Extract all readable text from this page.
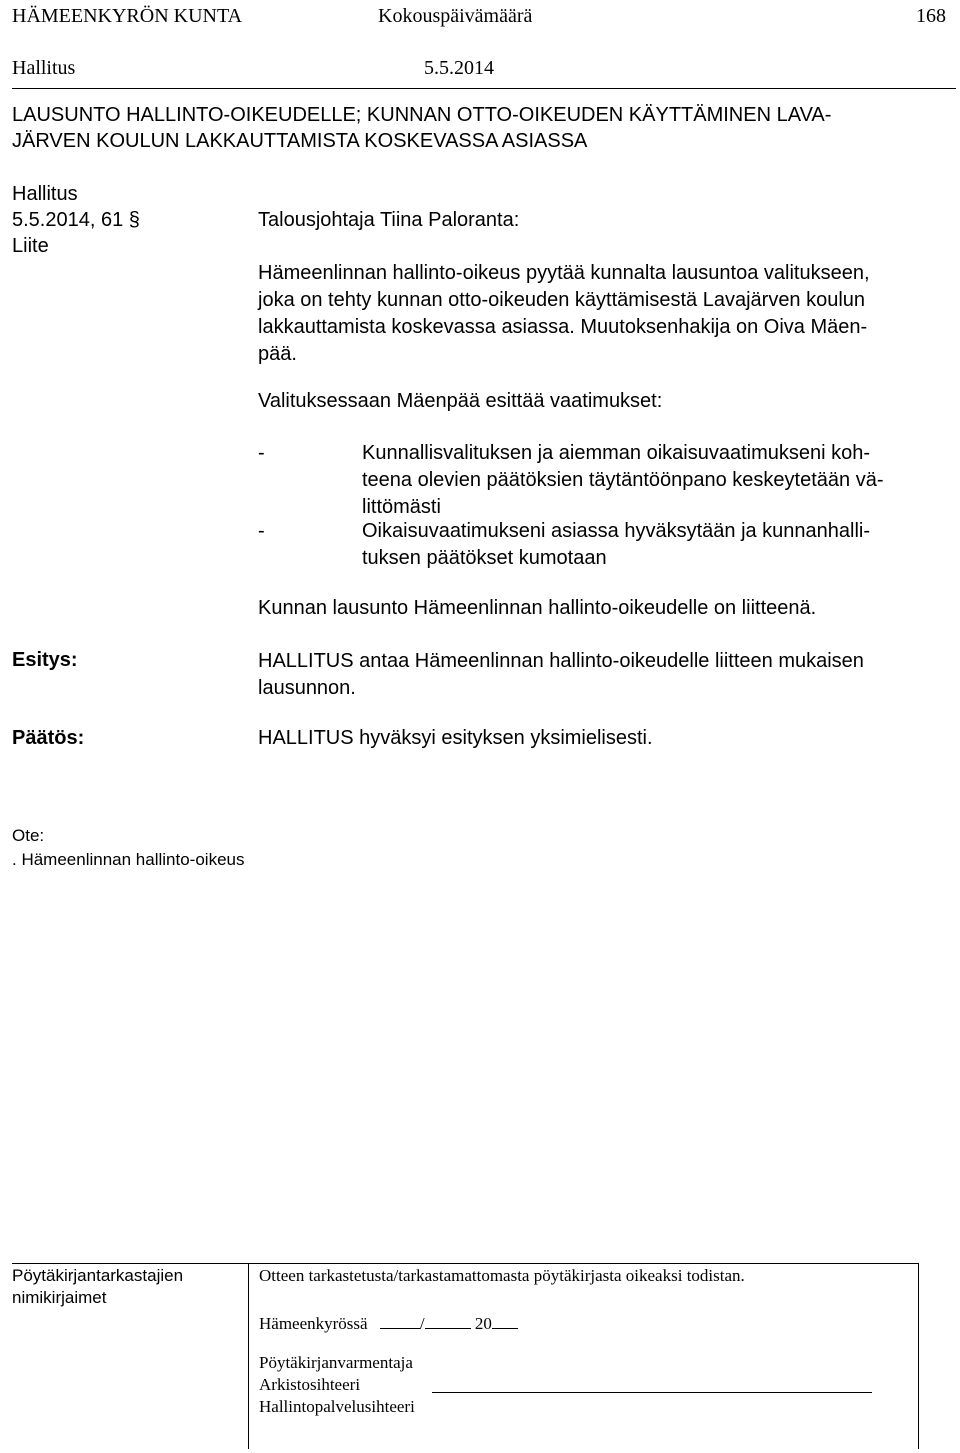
HÄMEENKYRÖN KUNTA	Kokouspäivämäärä	168
Hallitus	5.5.2014
LAUSUNTO HALLINTO-OIKEUDELLE; KUNNAN OTTO-OIKEUDEN KÄYTTÄMINEN LAVA-
JÄRVEN KOULUN LAKKAUTTAMISTA KOSKEVASSA ASIASSA
Hallitus
5.5.2014, 61 §
Liite
Talousjohtaja Tiina Paloranta:
Hämeenlinnan hallinto-oikeus pyytää kunnalta lausuntoa valitukseen,
joka on tehty kunnan otto-oikeuden käyttämisestä Lavajärven koulun
lakkauttamista koskevassa asiassa. Muutoksenhakija on Oiva Mäen-
pää.
Valituksessaan Mäenpää esittää vaatimukset:
-	Kunnallisvalituksen ja aiemman oikaisuvaatimukseni koh-
teena olevien päätöksien täytäntöönpano keskeytetään vä-
littömästi
-	Oikaisuvaatimukseni asiassa hyväksytään ja kunnanhalli-
tuksen päätökset kumotaan
Kunnan lausunto Hämeenlinnan hallinto-oikeudelle on liitteenä.
Esitys:	HALLITUS antaa Hämeenlinnan hallinto-oikeudelle liitteen mukaisen
lausunnon.
Päätös:	HALLITUS hyväksyi esityksen yksimielisesti.
Ote:
. Hämeenlinnan hallinto-oikeus
Pöytäkirjantarkastajien
nimikirjaimet
Otteen tarkastetusta/tarkastamattomasta pöytäkirjasta oikeaksi todistan.
Hämeenkyrössä	/	20
Pöytäkirjanvarmentaja
Arkistosihteeri
Hallintopalvelusihteeri
